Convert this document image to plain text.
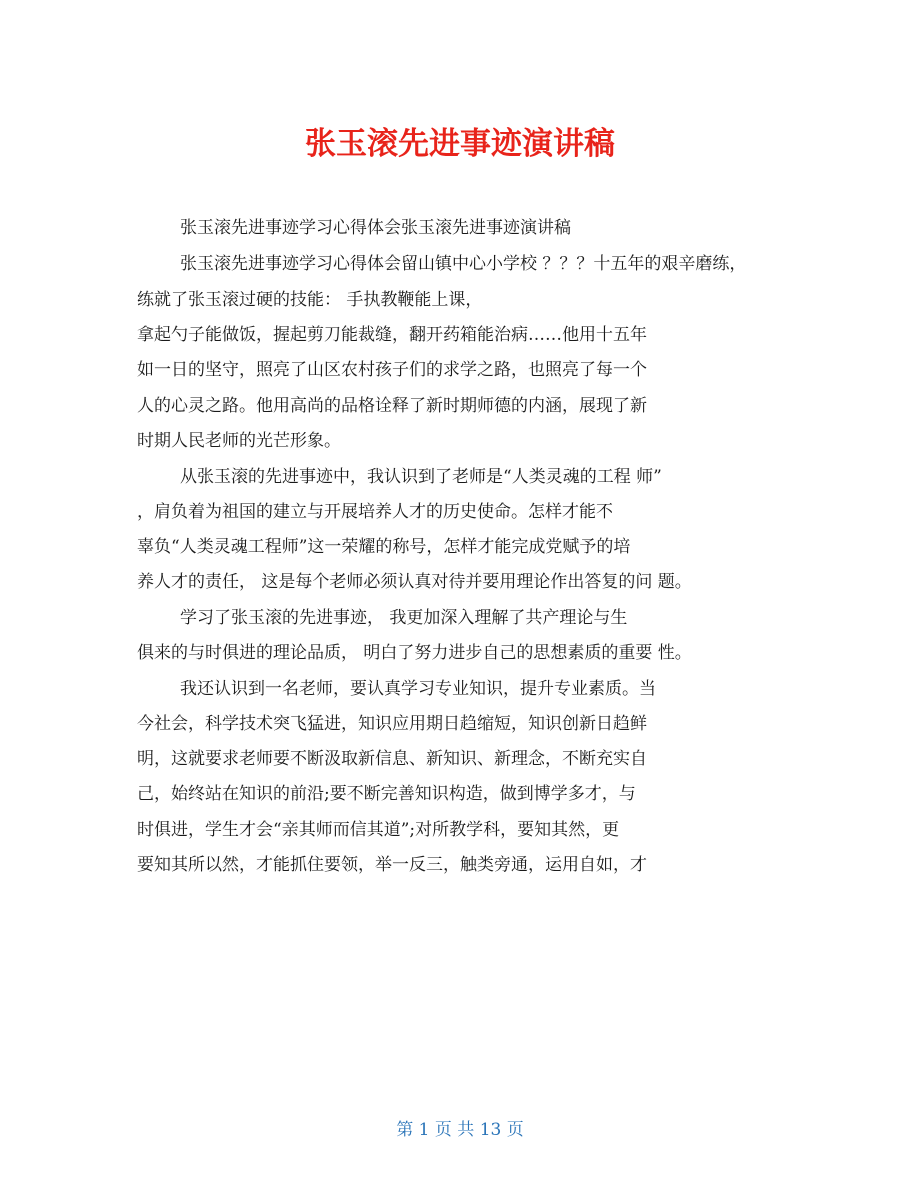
张玉滚先进事迹演讲稿

张玉滚先进事迹学习心得体会张玉滚先进事迹演讲稿

张玉滚先进事迹学习心得体会留山镇中心小学校 ？？？十五年的艰辛磨练，

练就了张玉滚过硬的技能： 手执教鞭能上课，

拿起勺子能做饭，握起剪刀能裁缝，翻开药箱能治病……他用十五年

如一日的坚守，照亮了山区农村孩子们的求学之路，也照亮了每一个

人的心灵之路。他用高尚的品格诠释了新时期师德的内涵，展现了新

时期人民老师的光芒形象。

从张玉滚的先进事迹中，我认识到了老师是“人类灵魂的工程 师”

，肩负着为祖国的建立与开展培养人才的历史使命。怎样才能不

辜负“人类灵魂工程师”这一荣耀的称号，怎样才能完成党赋予的培

养人才的责任， 这是每个老师必须认真对待并要用理论作出答复的问 题。

学习了张玉滚的先进事迹， 我更加深入理解了共产理论与生

俱来的与时俱进的理论品质， 明白了努力进步自己的思想素质的重要 性。

我还认识到一名老师，要认真学习专业知识，提升专业素质。当

今社会，科学技术突飞猛进，知识应用期日趋缩短，知识创新日趋鲜

明，这就要求老师要不断汲取新信息、新知识、新理念，不断充实自

己，始终站在知识的前沿;要不断完善知识构造，做到博学多才，与

时俱进，学生才会“亲其师而信其道”;对所教学科，要知其然，更

要知其所以然，才能抓住要领，举一反三，触类旁通，运用自如，才

第 1 页 共 13 页
